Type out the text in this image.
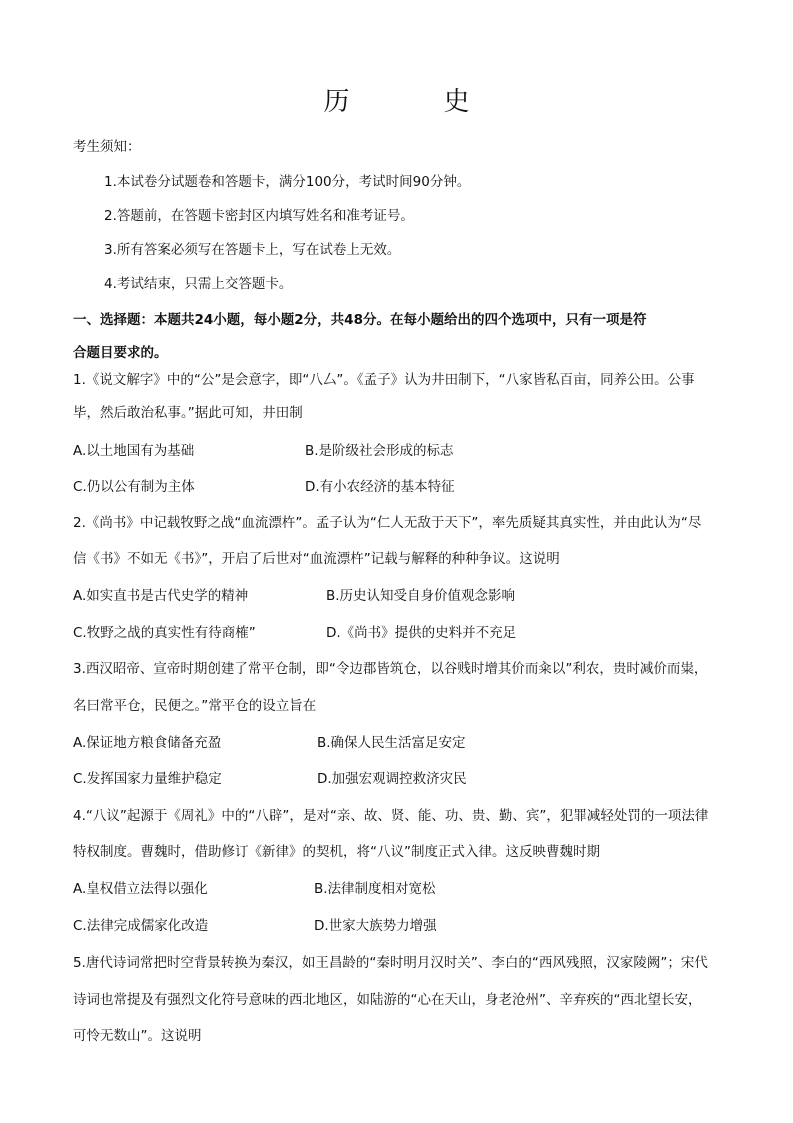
历　史
考生须知：
1.本试卷分试题卷和答题卡，满分100分，考试时间90分钟。
2.答题前，在答题卡密封区内填写姓名和准考证号。
3.所有答案必须写在答题卡上，写在试卷上无效。
4.考试结束，只需上交答题卡。
一、选择题：本题共24小题，每小题2分，共48分。在每小题给出的四个选项中，只有一项是符
合题目要求的。
1.《说文解字》中的“公”是会意字，即“八厶”。《孟子》认为井田制下，“八家皆私百亩，同养公田。公事
毕，然后敢治私事。”据此可知，井田制
A.以土地国有为基础	B.是阶级社会形成的标志
C.仍以公有制为主体	D.有小农经济的基本特征
2.《尚书》中记载牧野之战“血流漂杵”。孟子认为“仁人无敌于天下”，率先质疑其真实性，并由此认为“尽
信《书》不如无《书》”，开启了后世对“血流漂杵”记载与解释的种种争议。这说明
A.如实直书是古代史学的精神	B.历史认知受自身价值观念影响
C.牧野之战的真实性有待商榷”	D.《尚书》提供的史料并不充足
3.西汉昭帝、宣帝时期创建了常平仓制，即“令边郡皆筑仓，以谷贱时增其价而籴以”利农，贵时减价而粜，
名曰常平仓，民便之。”常平仓的设立旨在
A.保证地方粮食储备充盈	B.确保人民生活富足安定
C.发挥国家力量维护稳定	D.加强宏观调控救济灾民
4.“八议”起源于《周礼》中的“八辟”，是对“亲、故、贤、能、功、贵、勤、宾”，犯罪减轻处罚的一项法律
特权制度。曹魏时，借助修订《新律》的契机，将“八议”制度正式入律。这反映曹魏时期
A.皇权借立法得以强化	B.法律制度相对宽松
C.法律完成儒家化改造	D.世家大族势力增强
5.唐代诗词常把时空背景转换为秦汉，如王昌龄的“秦时明月汉时关”、李白的“西风残照，汉家陵阙”；宋代
诗词也常提及有强烈文化符号意味的西北地区，如陆游的“心在天山，身老沧州”、辛弃疾的“西北望长安，
可怜无数山”。这说明
